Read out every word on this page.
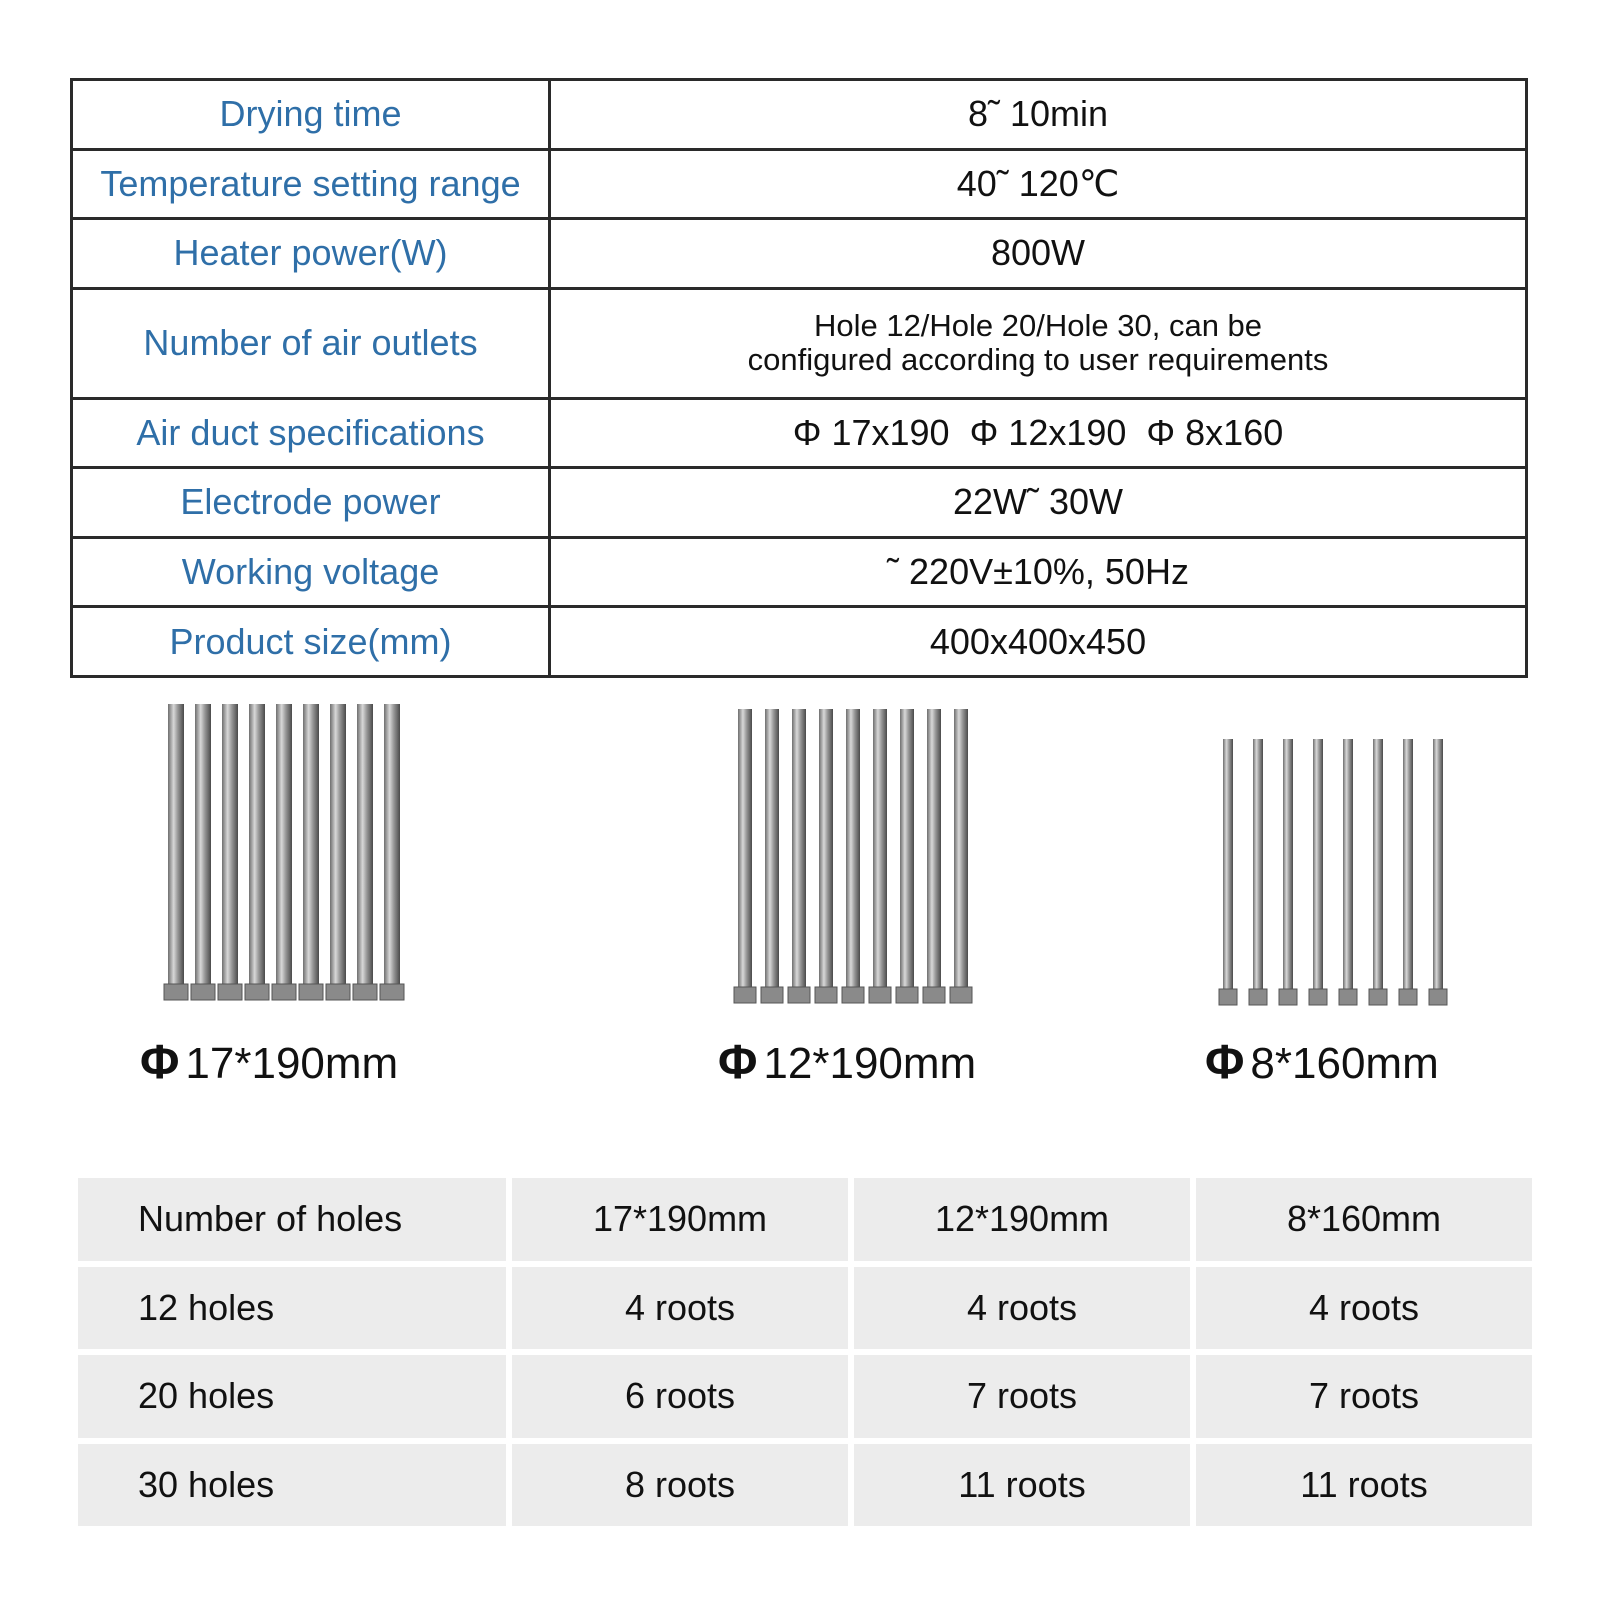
Drying time	8˜ 10min
Temperature setting range	40˜ 120℃
Heater power(W)	800W
Number of air outlets	Hole 12/Hole 20/Hole 30, can be
configured according to user requirements

Air duct specifications	Φ 17x190  Φ 12x190  Φ 8x160
Electrode power	22W˜ 30W
Working voltage	˜ 220V±10%, 50Hz
Product size(mm)	400x400x450
Φ 17*190mm	Φ 12*190mm	Φ 8*160mm
Number of holes	17*190mm	12*190mm	8*160mm
12 holes	4 roots	4 roots	4 roots
20 holes	6 roots	7 roots	7 roots
30 holes	8 roots	11 roots	11 roots
